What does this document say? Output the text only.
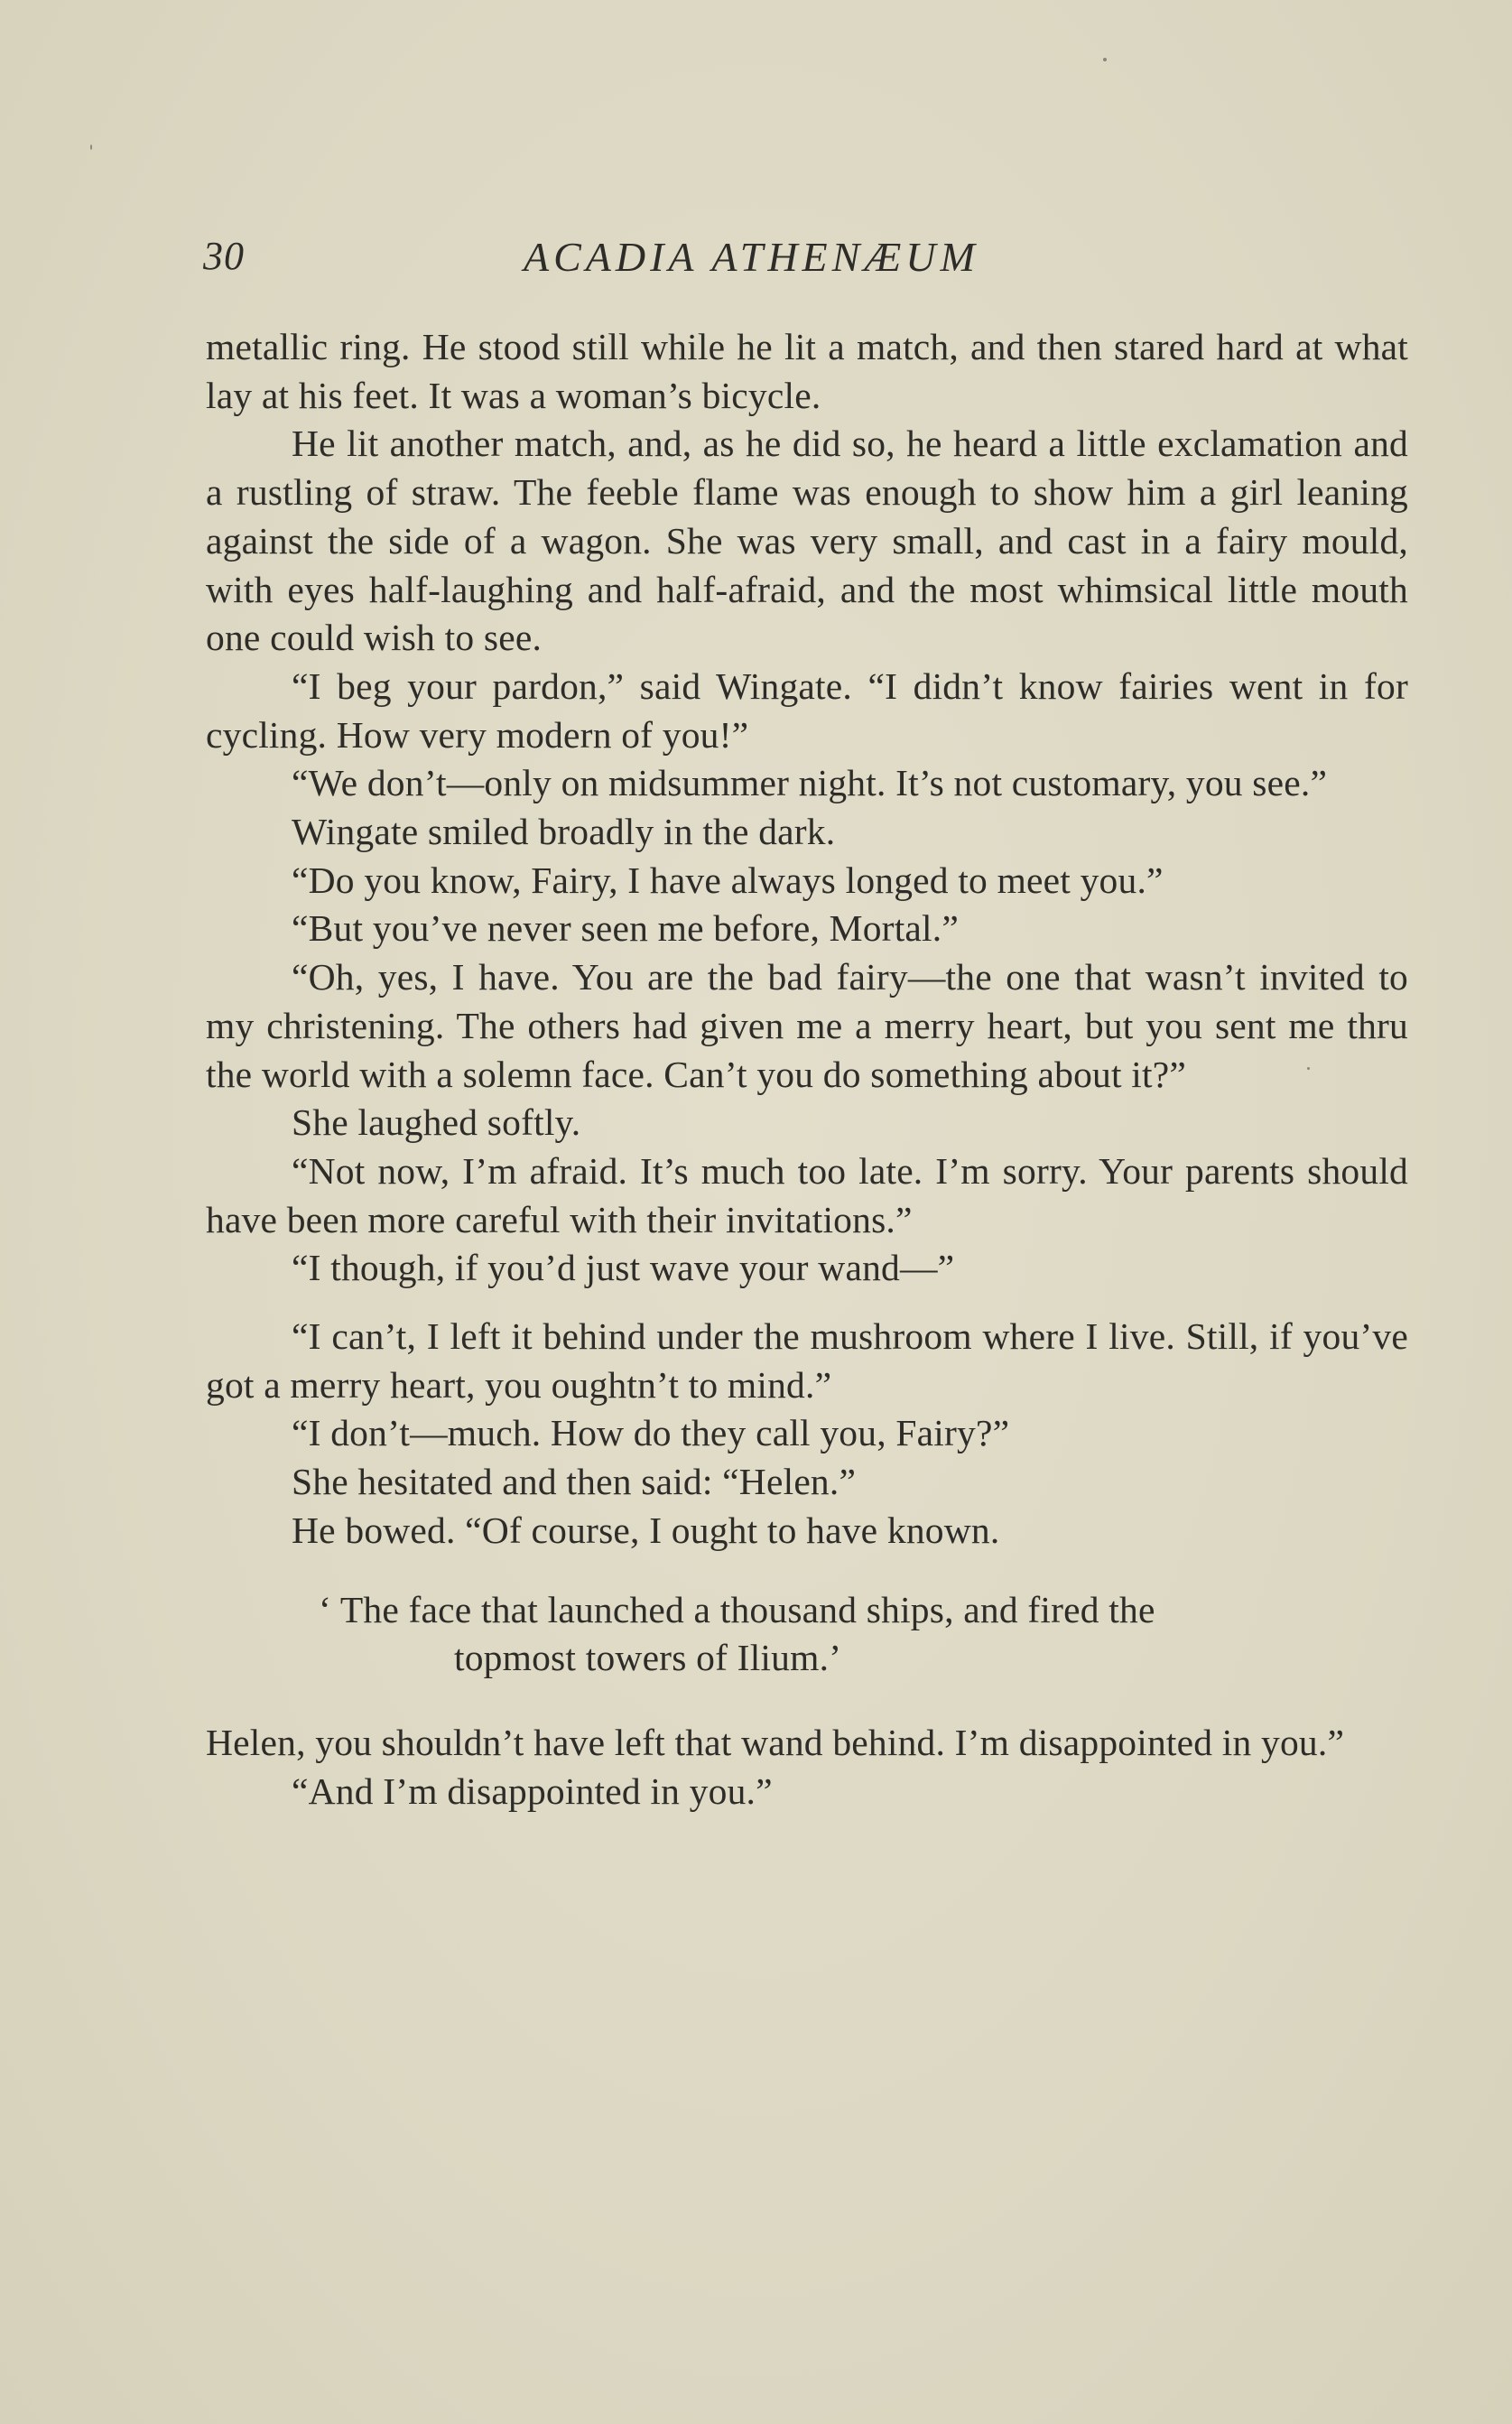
30	ACADIA ATHENÆUM

metallic ring. He stood still while he lit a match, and then stared hard at what lay at his feet. It was a woman’s bicycle.

He lit another match, and, as he did so, he heard a little exclamation and a rustling of straw. The feeble flame was enough to show him a girl leaning against the side of a wagon. She was very small, and cast in a fairy mould, with eyes half-laughing and half-afraid, and the most whimsical little mouth one could wish to see.

“I beg your pardon,” said Wingate. “I didn’t know fairies went in for cycling. How very modern of you!”

“We don’t—only on midsummer night. It’s not customary, you see.”

Wingate smiled broadly in the dark.

“Do you know, Fairy, I have always longed to meet you.”

“But you’ve never seen me before, Mortal.”

“Oh, yes, I have. You are the bad fairy—the one that wasn’t invited to my christening. The others had given me a merry heart, but you sent me thru the world with a solemn face. Can’t you do something about it?”

She laughed softly.

“Not now, I’m afraid. It’s much too late. I’m sorry. Your parents should have been more careful with their invitations.”

“I though, if you’d just wave your wand—”

“I can’t, I left it behind under the mushroom where I live. Still, if you’ve got a merry heart, you oughtn’t to mind.”

“I don’t—much. How do they call you, Fairy?”

She hesitated and then said: “Helen.”

He bowed. “Of course, I ought to have known.

‘ The face that launched a thousand ships, and fired the
topmost towers of Ilium.’

Helen, you shouldn’t have left that wand behind. I’m disappointed in you.”

“And I’m disappointed in you.”
